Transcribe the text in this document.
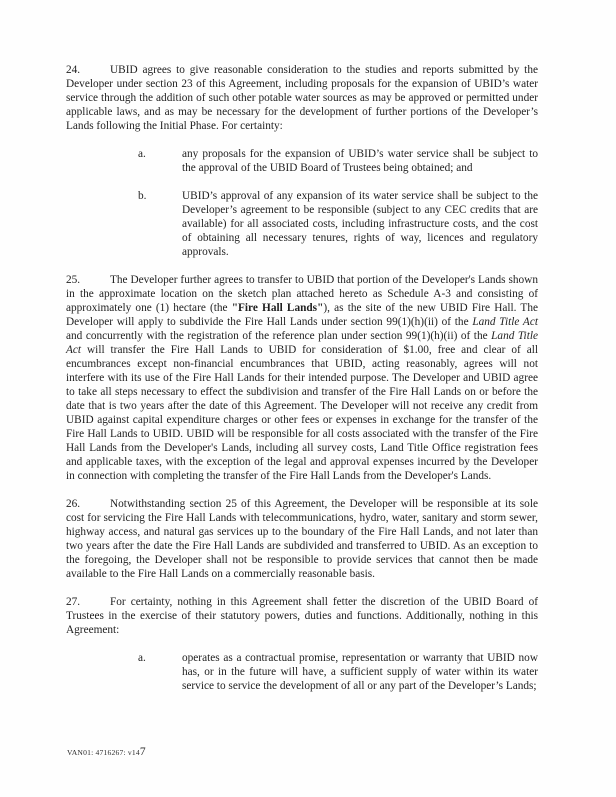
24.	UBID agrees to give reasonable consideration to the studies and reports submitted by the Developer under section 23 of this Agreement, including proposals for the expansion of UBID’s water service through the addition of such other potable water sources as may be approved or permitted under applicable laws, and as may be necessary for the development of further portions of the Developer’s Lands following the Initial Phase. For certainty:
a.	any proposals for the expansion of UBID’s water service shall be subject to the approval of the UBID Board of Trustees being obtained; and
b.	UBID’s approval of any expansion of its water service shall be subject to the Developer’s agreement to be responsible (subject to any CEC credits that are available) for all associated costs, including infrastructure costs, and the cost of obtaining all necessary tenures, rights of way, licences and regulatory approvals.
25.	The Developer further agrees to transfer to UBID that portion of the Developer's Lands shown in the approximate location on the sketch plan attached hereto as Schedule A-3 and consisting of approximately one (1) hectare (the "Fire Hall Lands"), as the site of the new UBID Fire Hall. The Developer will apply to subdivide the Fire Hall Lands under section 99(1)(h)(ii) of the Land Title Act and concurrently with the registration of the reference plan under section 99(1)(h)(ii) of the Land Title Act will transfer the Fire Hall Lands to UBID for consideration of $1.00, free and clear of all encumbrances except non-financial encumbrances that UBID, acting reasonably, agrees will not interfere with its use of the Fire Hall Lands for their intended purpose. The Developer and UBID agree to take all steps necessary to effect the subdivision and transfer of the Fire Hall Lands on or before the date that is two years after the date of this Agreement. The Developer will not receive any credit from UBID against capital expenditure charges or other fees or expenses in exchange for the transfer of the Fire Hall Lands to UBID. UBID will be responsible for all costs associated with the transfer of the Fire Hall Lands from the Developer's Lands, including all survey costs, Land Title Office registration fees and applicable taxes, with the exception of the legal and approval expenses incurred by the Developer in connection with completing the transfer of the Fire Hall Lands from the Developer's Lands.
26.	Notwithstanding section 25 of this Agreement, the Developer will be responsible at its sole cost for servicing the Fire Hall Lands with telecommunications, hydro, water, sanitary and storm sewer, highway access, and natural gas services up to the boundary of the Fire Hall Lands, and not later than two years after the date the Fire Hall Lands are subdivided and transferred to UBID. As an exception to the foregoing, the Developer shall not be responsible to provide services that cannot then be made available to the Fire Hall Lands on a commercially reasonable basis.
27.	For certainty, nothing in this Agreement shall fetter the discretion of the UBID Board of Trustees in the exercise of their statutory powers, duties and functions. Additionally, nothing in this Agreement:
a.	operates as a contractual promise, representation or warranty that UBID now has, or in the future will have, a sufficient supply of water within its water service to service the development of all or any part of the Developer’s Lands;
VAN01: 4716267: v147
